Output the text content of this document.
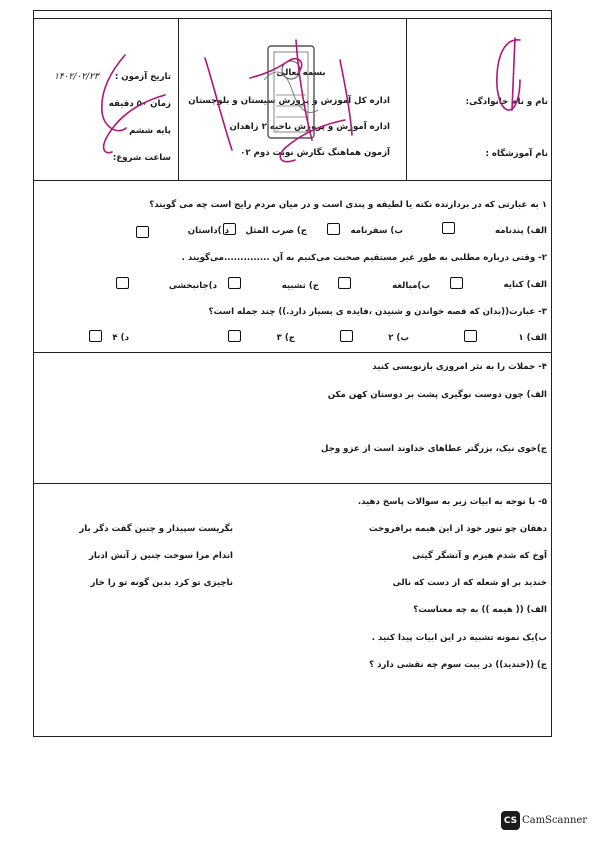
نام و نام خانوادگی:
نام آموزشگاه :
بسمه تعالی
اداره کل آموزش و پرورش سیستان و بلوچستان
اداره آموزش و پرورش ناحیه ۲ زاهدان
آزمون هماهنگ نگارش نوبت دوم ۰۲
تاریخ آزمون :
۱۴۰۲/۰۲/۲۳
زمان ۵۰ دقیقه
پایه ششم
ساعت شروع:
۱ به عبارتی که در بردارنده نکته یا لطیفه و پندی است و در میان مردم رایج است چه می گویند؟
الف) پندنامه
ب) سفرنامه
ج) ضرب المثل
د )داستان
۲- وقتی درباره مطلبی به طور غیر مستقیم صحبت می‌کنیم به آن ..............می‌گویند .
الف) کنایه
ب)مبالغه
ج) تشبیه
د)جانبخشی
۳- عبارت((بدان که قصه خواندن و شنیدن ،فایده ی بسیار دارد.)) چند جمله است؟
الف) ۱
ب) ۲
ج) ۳
د) ۴
۴- جملات را به نثر امروزی بازنویسی کنید
الف) چون دوست نوگیری پشت بر دوستان کهن مکن
ج)خوی نیک، بزرگتر عطاهای خداوند است از عزو وجل
۵- با توجه به ابیات زیر به سوالات پاسخ دهید.
دهقان چو تنور خود از این هیمه برافروخت
بگریست سپیدار و چنین گفت دگر بار
آوخ که شدم هیزم و آتشگر گیتی
اندام مرا سوخت چنین ز آتش ادبار
خندید بر او شعله که از دست که نالی
ناچیزی تو کرد بدین گونه تو را خار
الف) (( هیمه )) به چه معناست؟
ب)یک نمونه تشبیه در این ابیات پیدا کنید .
ج) ((خندید)) در بیت سوم چه نقشی دارد ؟
CS CamScanner
